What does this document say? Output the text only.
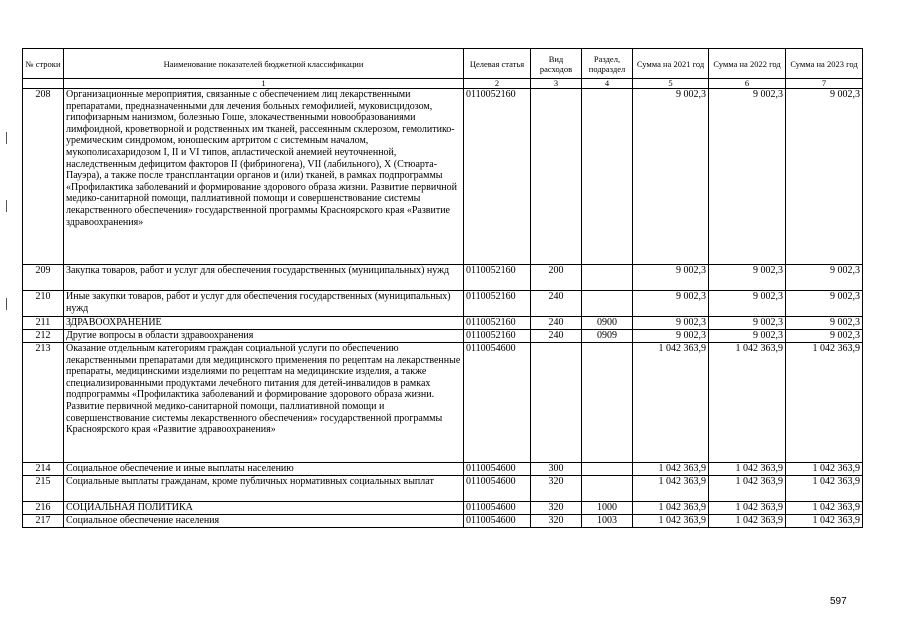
№ строки	Наименование показателей бюджетной классификации	Целевая статья	Вид расходов	Раздел, подраздел	Сумма на 2021 год	Сумма на 2022 год	Сумма на 2023 год
	1	2	3	4	5	6	7
208	Организационные мероприятия, связанные с обеспечением лиц лекарственными препаратами, предназначенными для лечения больных гемофилией, муковисцидозом, гипофизарным нанизмом, болезнью Гоше, злокачественными новообразованиями лимфоидной, кроветворной и родственных им тканей, рассеянным склерозом, гемолитико-уремическим синдромом, юношеским артритом с системным началом, мукополисахаридозом I, II и VI типов, апластической анемией неуточненной, наследственным дефицитом факторов II (фибриногена), VII (лабильного), X (Стюарта-Пауэра), а также после трансплантации органов и (или) тканей, в рамках подпрограммы «Профилактика заболеваний и формирование здорового образа жизни. Развитие первичной медико-санитарной помощи, паллиативной помощи и совершенствование системы лекарственного обеспечения» государственной программы Красноярского края «Развитие здравоохранения»	0110052160			9 002,3	9 002,3	9 002,3
209	Закупка товаров, работ и услуг для обеспечения государственных (муниципальных) нужд	0110052160	200		9 002,3	9 002,3	9 002,3
210	Иные закупки товаров, работ и услуг для обеспечения государственных (муниципальных) нужд	0110052160	240		9 002,3	9 002,3	9 002,3
211	ЗДРАВООХРАНЕНИЕ	0110052160	240	0900	9 002,3	9 002,3	9 002,3
212	Другие вопросы в области здравоохранения	0110052160	240	0909	9 002,3	9 002,3	9 002,3
213	Оказание отдельным категориям граждан социальной услуги по обеспечению лекарственными препаратами для медицинского применения по рецептам на лекарственные препараты, медицинскими изделиями по рецептам на медицинские изделия, а также специализированными продуктами лечебного питания для детей-инвалидов в рамках подпрограммы «Профилактика заболеваний и формирование здорового образа жизни. Развитие первичной медико-санитарной помощи, паллиативной помощи и совершенствование системы лекарственного обеспечения» государственной программы Красноярского края «Развитие здравоохранения»	0110054600			1 042 363,9	1 042 363,9	1 042 363,9
214	Социальное обеспечение и иные выплаты населению	0110054600	300		1 042 363,9	1 042 363,9	1 042 363,9
215	Социальные выплаты гражданам, кроме публичных нормативных социальных выплат	0110054600	320		1 042 363,9	1 042 363,9	1 042 363,9
216	СОЦИАЛЬНАЯ ПОЛИТИКА	0110054600	320	1000	1 042 363,9	1 042 363,9	1 042 363,9
217	Социальное обеспечение населения	0110054600	320	1003	1 042 363,9	1 042 363,9	1 042 363,9
597
